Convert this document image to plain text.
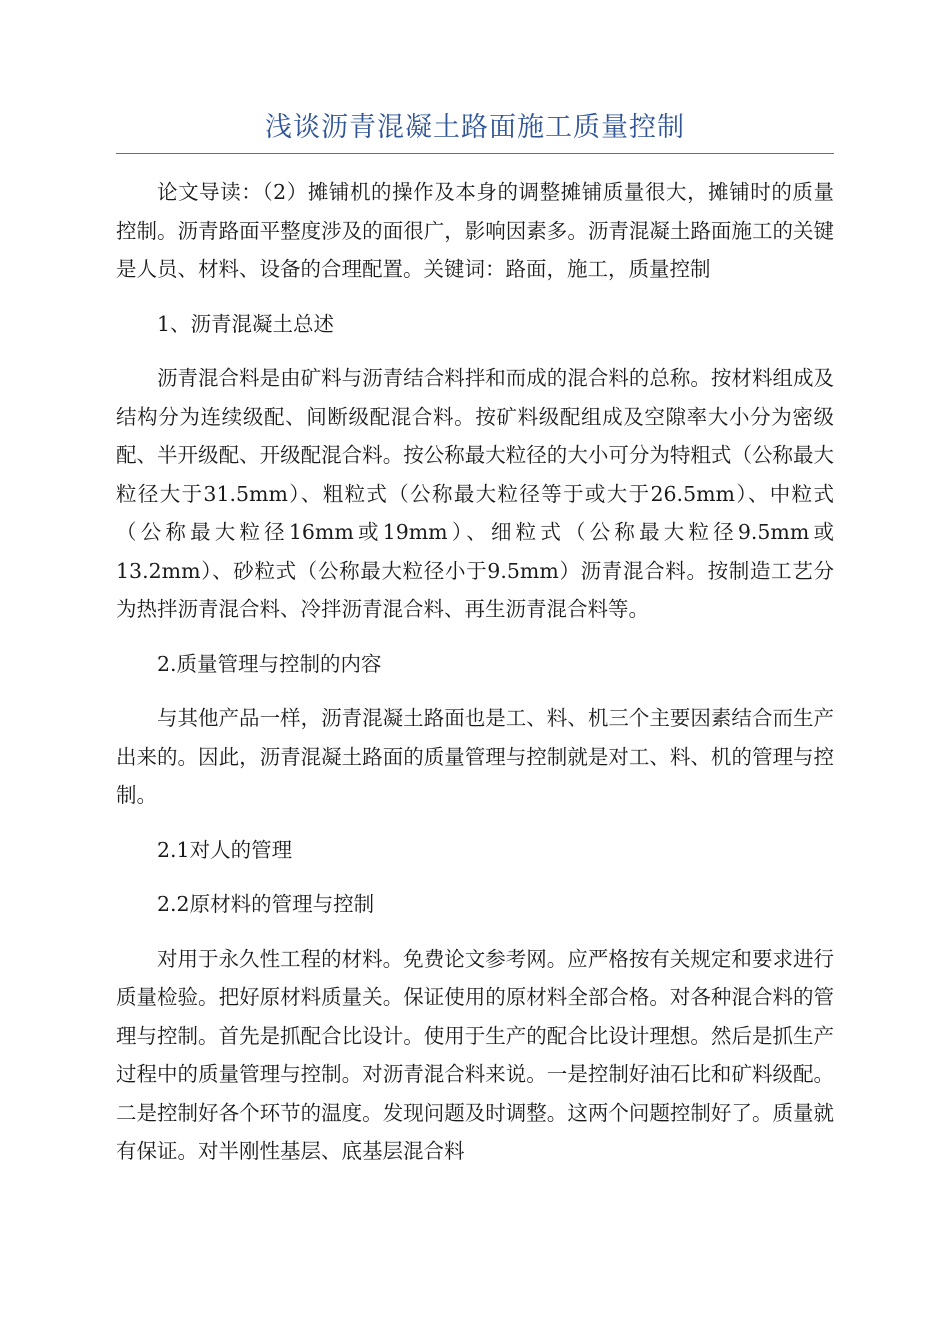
浅谈沥青混凝土路面施工质量控制

论文导读：（2）摊铺机的操作及本身的调整摊铺质量很大，摊铺时的质量控制。沥青路面平整度涉及的面很广，影响因素多。沥青混凝土路面施工的关键是人员、材料、设备的合理配置。关键词：路面，施工，质量控制

1、沥青混凝土总述

沥青混合料是由矿料与沥青结合料拌和而成的混合料的总称。按材料组成及结构分为连续级配、间断级配混合料。按矿料级配组成及空隙率大小分为密级配、半开级配、开级配混合料。按公称最大粒径的大小可分为特粗式（公称最大粒径大于31.5mm）、粗粒式（公称最大粒径等于或大于26.5mm）、中粒式（公称最大粒径16mm或19mm）、细粒式（公称最大粒径9.5mm或13.2mm）、砂粒式（公称最大粒径小于9.5mm）沥青混合料。按制造工艺分为热拌沥青混合料、冷拌沥青混合料、再生沥青混合料等。

2.质量管理与控制的内容

与其他产品一样，沥青混凝土路面也是工、料、机三个主要因素结合而生产出来的。因此，沥青混凝土路面的质量管理与控制就是对工、料、机的管理与控制。

2.1对人的管理

2.2原材料的管理与控制

对用于永久性工程的材料。免费论文参考网。应严格按有关规定和要求进行质量检验。把好原材料质量关。保证使用的原材料全部合格。对各种混合料的管理与控制。首先是抓配合比设计。使用于生产的配合比设计理想。然后是抓生产过程中的质量管理与控制。对沥青混合料来说。一是控制好油石比和矿料级配。二是控制好各个环节的温度。发现问题及时调整。这两个问题控制好了。质量就有保证。对半刚性基层、底基层混合料
